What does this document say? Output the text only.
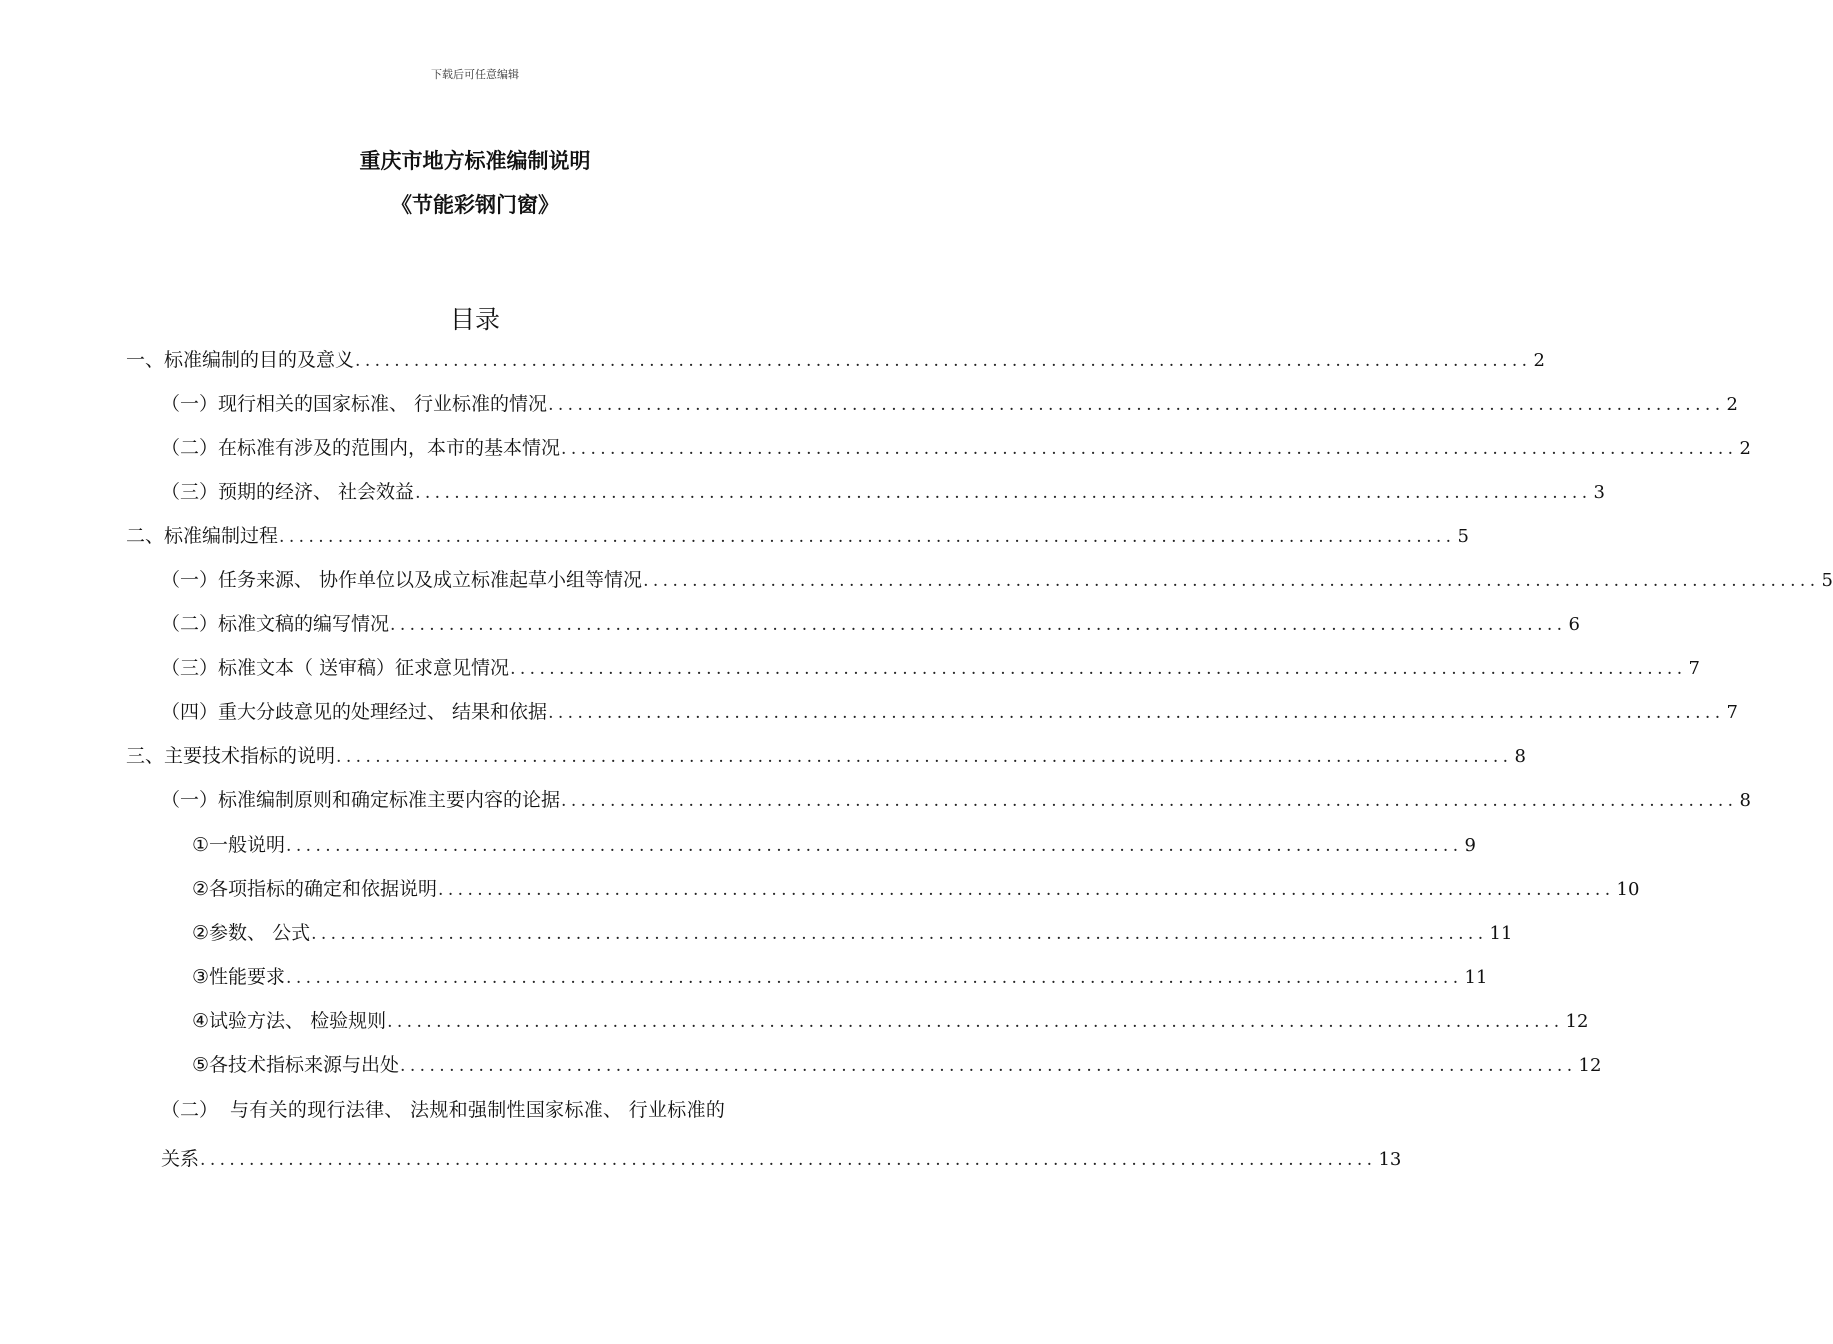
下载后可任意编辑
重庆市地方标准编制说明
《节能彩钢门窗》
目录
一、 标准编制的目的及意义 ........................................................................................................................ 2
（一） 现行相关的国家标准、 行业标准的情况 ........................................................................................................................ 2
（二） 在标准有涉及的范围内，本市的基本情况 ........................................................................................................................ 2
（三） 预期的经济、 社会效益 ........................................................................................................................ 3
二、 标准编制过程 ........................................................................................................................ 5
（一） 任务来源、 协作单位以及成立标准起草小组等情况 ........................................................................................................................ 5
（二） 标准文稿的编写情况 ........................................................................................................................ 6
（三） 标准文本（ 送审稿）征求意见情况 ........................................................................................................................ 7
（四） 重大分歧意见的处理经过、 结果和依据 ........................................................................................................................ 7
三、 主要技术指标的说明 ........................................................................................................................ 8
（一） 标准编制原则和确定标准主要内容的论据 ........................................................................................................................ 8
①一般说明 ........................................................................................................................ 9
②各项指标的确定和依据说明 ........................................................................................................................ 10
②参数、 公式 ........................................................................................................................ 11
③性能要求 ........................................................................................................................ 11
④试验方法、 检验规则 ........................................................................................................................ 12
⑤各技术指标来源与出处 ........................................................................................................................ 12
（二） 与有关的现行法律、 法规和强制性国家标准、 行业标准的
关系 ........................................................................................................................ 13
